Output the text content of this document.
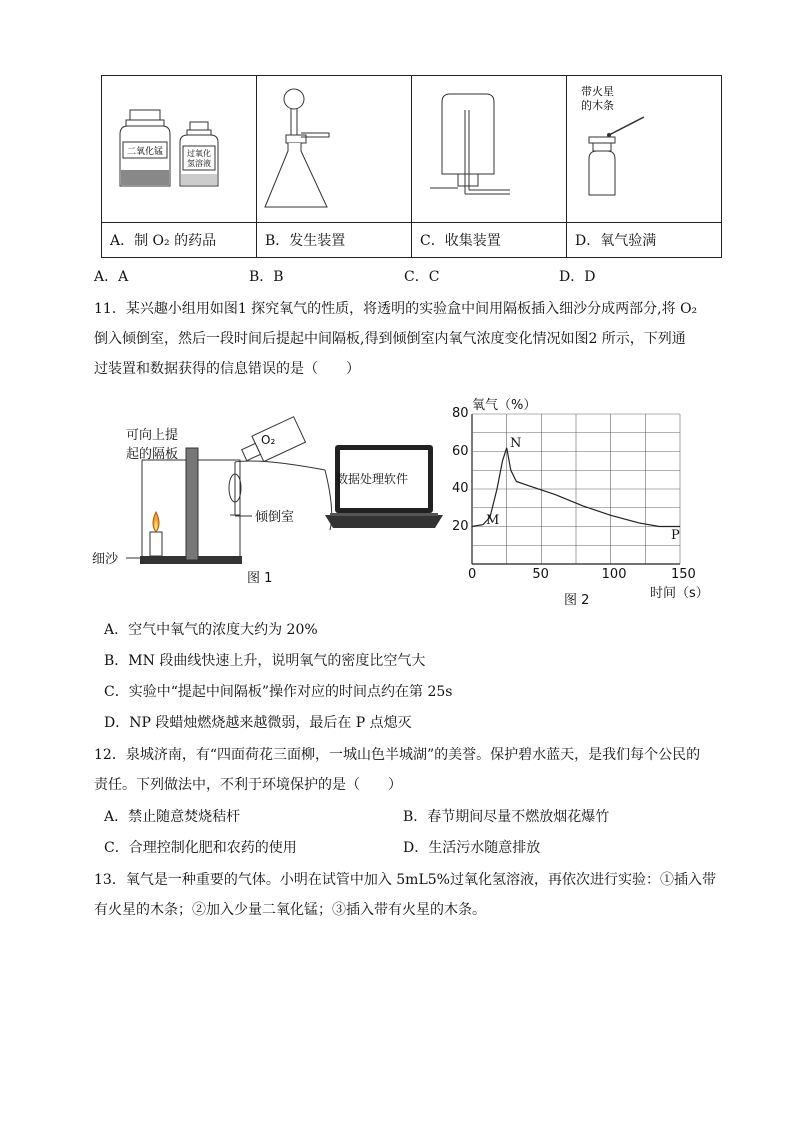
二氧化锰 过氧化
氢溶液			带火星
的木条

A．制 O₂ 的药品	B．发生装置	C．收集装置	D．氧气验满
A．A	B．B	C．C	D．D
11．某兴趣小组用如图1 探究氧气的性质，将透明的实验盒中间用隔板插入细沙分成两部分,将 O₂
倒入倾倒室，然后一段时间后提起中间隔板,得到倾倒室内氧气浓度变化情况如图2 所示，下列通
过装置和数据获得的信息错误的是（　　）
可向上提
起的隔板
O₂
倾倒室
细沙
数据处理软件
图 1
氧气（%）
20
40
60
80
0	50	100	150
时间（s）
图 2
M
N
P
A．空气中氧气的浓度大约为 20%
B．MN 段曲线快速上升，说明氧气的密度比空气大
C．实验中“提起中间隔板”操作对应的时间点约在第 25s
D．NP 段蜡烛燃烧越来越微弱，最后在 P 点熄灭
12．泉城济南，有“四面荷花三面柳，一城山色半城湖”的美誉。保护碧水蓝天，是我们每个公民的
责任。下列做法中，不利于环境保护的是（　　）
A．禁止随意焚烧秸杆	B．春节期间尽量不燃放烟花爆竹
C．合理控制化肥和农药的使用	D．生活污水随意排放
13．氧气是一种重要的气体。小明在试管中加入 5mL5%过氧化氢溶液，再依次进行实验：①插入带
有火星的木条；②加入少量二氧化锰；③插入带有火星的木条。
